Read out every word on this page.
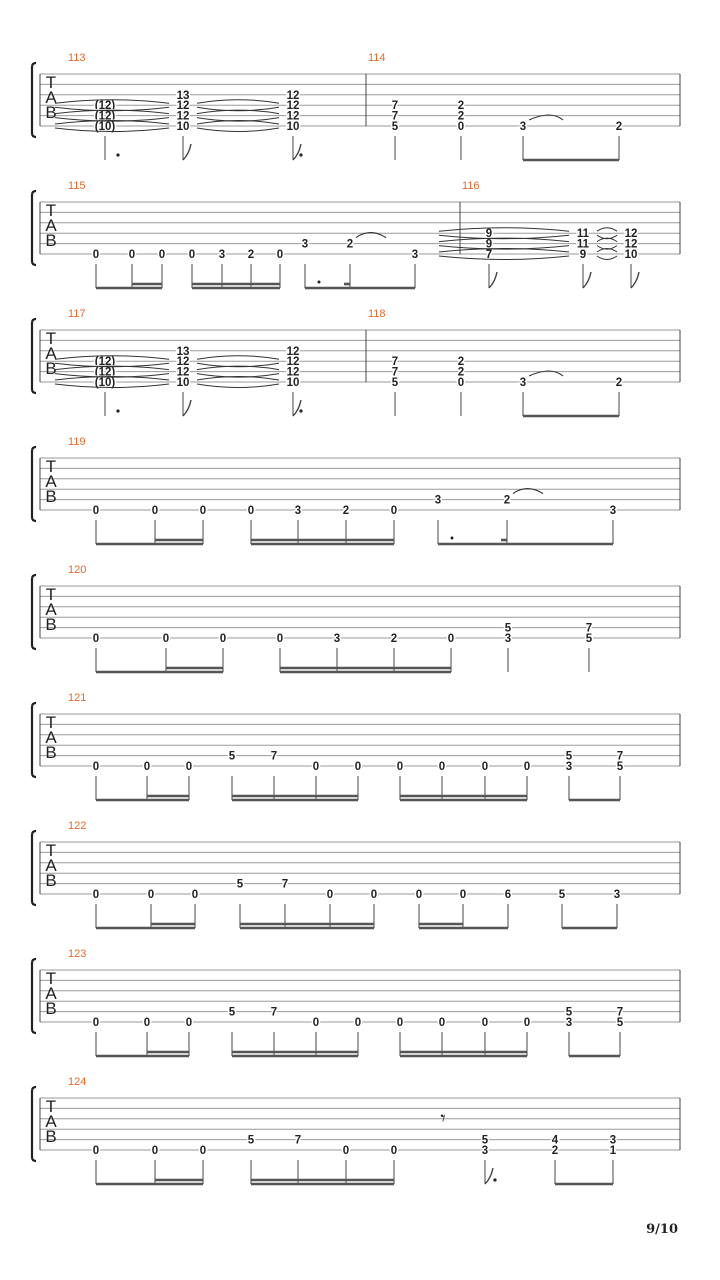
T
A
B
113
(12)
(12)
(10)
13
12
12
10
12
12
12
10
114
7
7
5
2
2
0	3	2
T
A
B
115
0	0 0 0 3 2 0
3	2
3
116
9
9
7
11
11
9
12
12
10
T
A
B
117
(12)
(12)
(10)
13
12
12
10
12
12
12
10
118
7
7
5
2
2
0	3	2
T
A
B
119
0	0	0	0	3	2	0
3	2
3
T
A
B
120
0	0	0	0	3	2	0
5
3
7
5
T
A
B
121
0	0	0
5	7
0	0	0	0	0	0
5
3
7
5
T
A
B
122
0	0	0
5	7
0	0	0	0	6	5	3
T
A
B
123
0	0	0
5	7
0	0	0	0	0	0
5
3
7
5
T
A
B
124
0	0	0
5	7
0	0
5
3
4
2
3
1
𝄾
9/10
